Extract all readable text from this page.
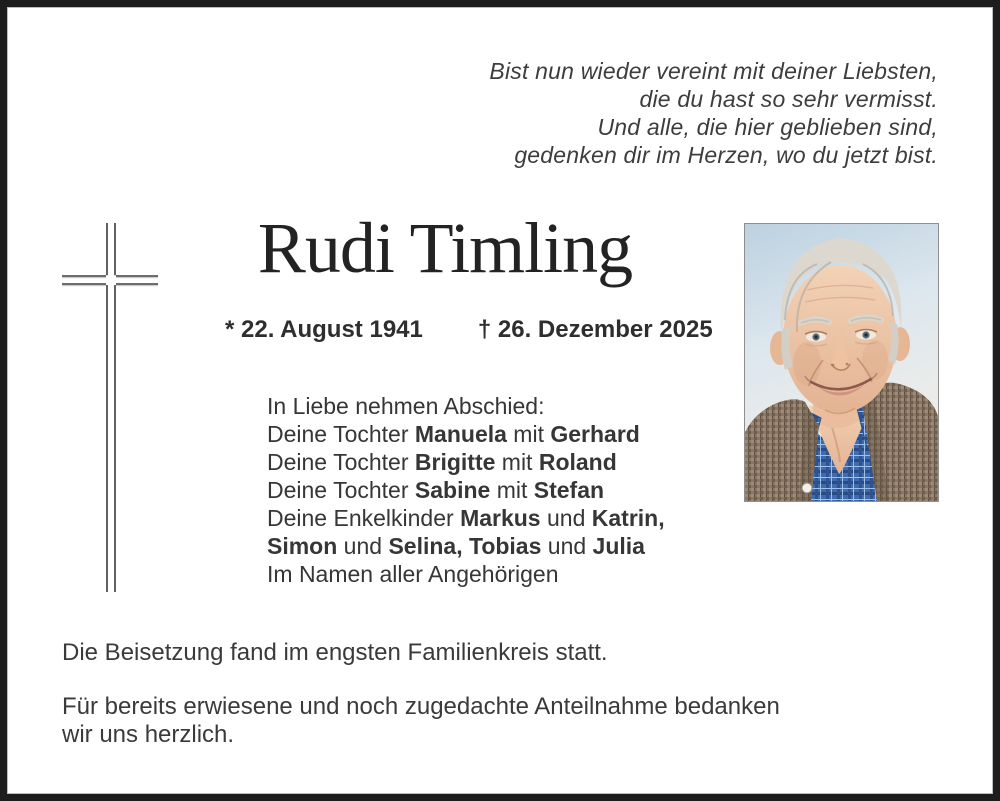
Bist nun wieder vereint mit deiner Liebsten,
die du hast so sehr vermisst.
Und alle, die hier geblieben sind,
gedenken dir im Herzen, wo du jetzt bist.
Rudi Timling
* 22. August 1941 † 26. Dezember 2025
In Liebe nehmen Abschied:
Deine Tochter Manuela mit Gerhard
Deine Tochter Brigitte mit Roland
Deine Tochter Sabine mit Stefan
Deine Enkelkinder Markus und Katrin,
Simon und Selina, Tobias und Julia
Im Namen aller Angehörigen

Die Beisetzung fand im engsten Familienkreis statt.

Für bereits erwiesene und noch zugedachte Anteilnahme bedanken
wir uns herzlich.
